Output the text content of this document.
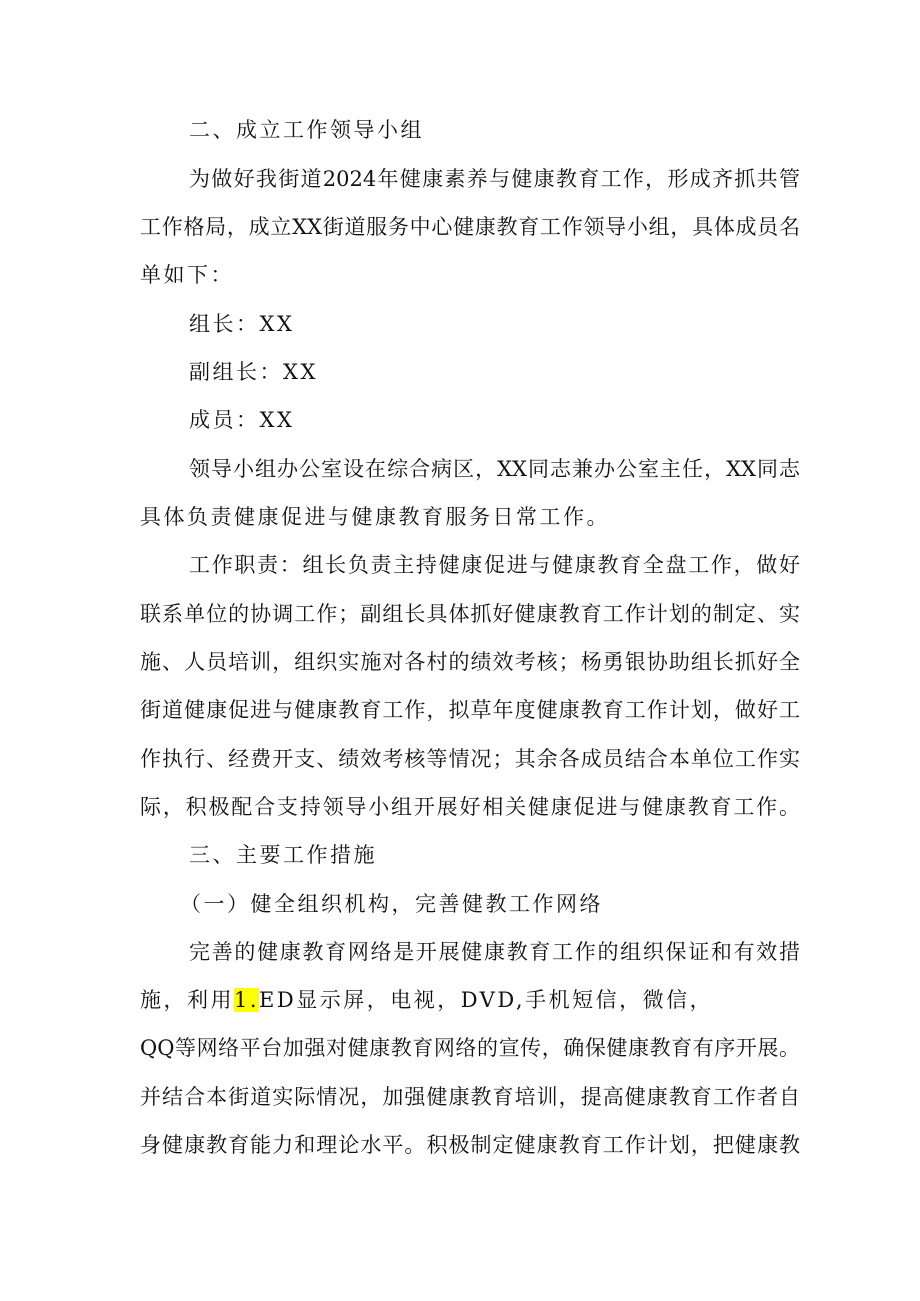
二、成立工作领导小组
为做好我街道2024年健康素养与健康教育工作，形成齐抓共管
工作格局，成立XX街道服务中心健康教育工作领导小组，具体成员名
单如下：
组长：XX
副组长：XX
成员：XX
领导小组办公室设在综合病区，XX同志兼办公室主任，XX同志
具体负责健康促进与健康教育服务日常工作。
工作职责：组长负责主持健康促进与健康教育全盘工作，做好
联系单位的协调工作；副组长具体抓好健康教育工作计划的制定、实
施、人员培训，组织实施对各村的绩效考核；杨勇银协助组长抓好全
街道健康促进与健康教育工作，拟草年度健康教育工作计划，做好工
作执行、经费开支、绩效考核等情况；其余各成员结合本单位工作实
际，积极配合支持领导小组开展好相关健康促进与健康教育工作。
三、主要工作措施
（一）健全组织机构，完善健教工作网络
完善的健康教育网络是开展健康教育工作的组织保证和有效措
施，利用1.ED显示屏，电视，DVD,手机短信，微信，
QQ等网络平台加强对健康教育网络的宣传，确保健康教育有序开展。
并结合本街道实际情况，加强健康教育培训，提高健康教育工作者自
身健康教育能力和理论水平。积极制定健康教育工作计划，把健康教
